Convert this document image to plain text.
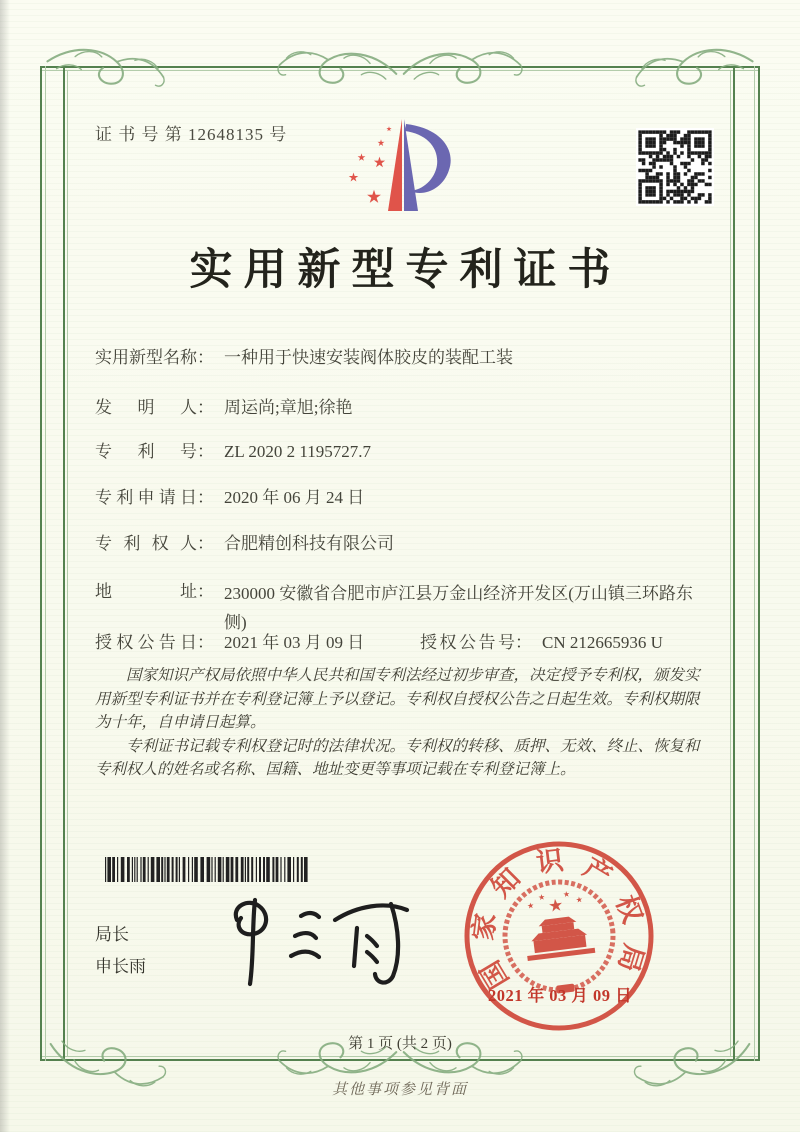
证 书 号 第 12648135 号
实用新型专利证书
实用新型名称 ： 一种用于快速安装阀体胶皮的装配工装
发明人 ： 周运尚;章旭;徐艳
专利号 ： ZL 2020 2 1195727.7
专利申请日 ： 2020 年 06 月 24 日
专利权人 ： 合肥精创科技有限公司
地址 ： 230000 安徽省合肥市庐江县万金山经济开发区(万山镇三环路东侧)
授权公告日 ： 2021 年 03 月 09 日	授权公告号 ： CN 212665936 U

国家知识产权局依照中华人民共和国专利法经过初步审查，决定授予专利权，颁发实用新型专利证书并在专利登记簿上予以登记。专利权自授权公告之日起生效。专利权期限为十年，自申请日起算。

专利证书记载专利权登记时的法律状况。专利权的转移、质押、无效、终止、恢复和专利权人的姓名或名称、国籍、地址变更等事项记载在专利登记簿上。

局长
申长雨	国
家
知
识 产
权
局
2021 年 03 月 09 日
第 1 页 (共 2 页)
其他事项参见背面
